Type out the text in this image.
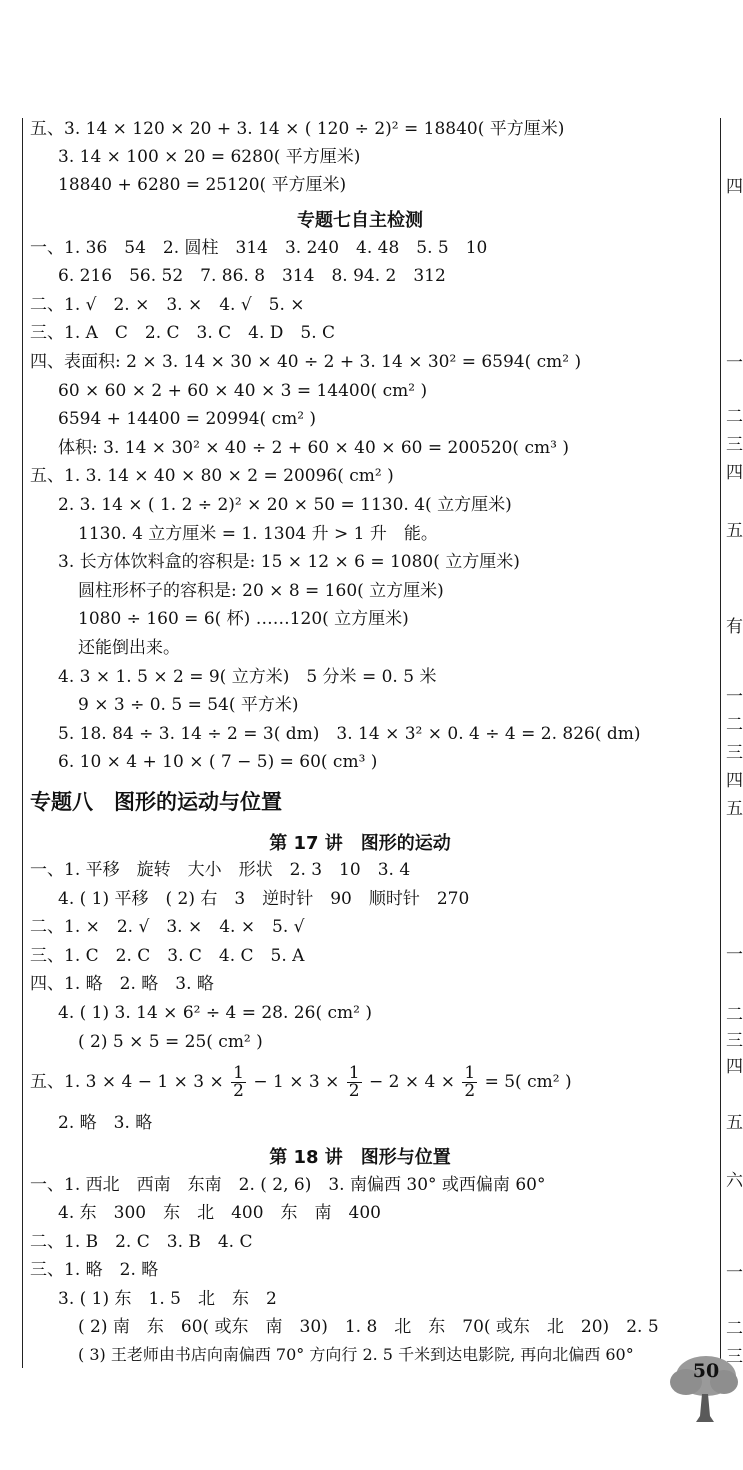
五、3. 14 × 120 × 20 + 3. 14 × ( 120 ÷ 2)² = 18840( 平方厘米)
3. 14 × 100 × 20 = 6280( 平方厘米)
18840 + 6280 = 25120( 平方厘米)
专题七自主检测
一、1. 36　54　2. 圆柱　314　3. 240　4. 48　5. 5　10
6. 216　56. 52　7. 86. 8　314　8. 94. 2　312
二、1. √　2. ×　3. ×　4. √　5. ×
三、1. A　C　2. C　3. C　4. D　5. C
四、表面积: 2 × 3. 14 × 30 × 40 ÷ 2 + 3. 14 × 30² = 6594( cm² )
60 × 60 × 2 + 60 × 40 × 3 = 14400( cm² )
6594 + 14400 = 20994( cm² )
体积: 3. 14 × 30² × 40 ÷ 2 + 60 × 40 × 60 = 200520( cm³ )
五、1. 3. 14 × 40 × 80 × 2 = 20096( cm² )
2. 3. 14 × ( 1. 2 ÷ 2)² × 20 × 50 = 1130. 4( 立方厘米)
1130. 4 立方厘米 = 1. 1304 升 > 1 升　能。
3. 长方体饮料盒的容积是: 15 × 12 × 6 = 1080( 立方厘米)
圆柱形杯子的容积是: 20 × 8 = 160( 立方厘米)
1080 ÷ 160 = 6( 杯) ……120( 立方厘米)
还能倒出来。
4. 3 × 1. 5 × 2 = 9( 立方米)　5 分米 = 0. 5 米
9 × 3 ÷ 0. 5 = 54( 平方米)
5. 18. 84 ÷ 3. 14 ÷ 2 = 3( dm)　3. 14 × 3² × 0. 4 ÷ 4 = 2. 826( dm)
6. 10 × 4 + 10 × ( 7 − 5) = 60( cm³ )
专题八　图形的运动与位置
第 17 讲　图形的运动
一、1. 平移　旋转　大小　形状　2. 3　10　3. 4
4. ( 1) 平移　( 2) 右　3　逆时针　90　顺时针　270
二、1. ×　2. √　3. ×　4. ×　5. √
三、1. C　2. C　3. C　4. C　5. A
四、1. 略　2. 略　3. 略
4. ( 1) 3. 14 × 6² ÷ 4 = 28. 26( cm² )
( 2) 5 × 5 = 25( cm² )
五、1. $3 \times 4 - 1 \times 3 \times \frac{1}{2} - 1 \times 3 \times \frac{1}{2} - 2 \times 4 \times \frac{1}{2} = 5$( cm² )
2. 略　3. 略
第 18 讲　图形与位置
一、1. 西北　西南　东南　2. ( 2, 6)　3. 南偏西 30° 或西偏南 60°
4. 东　300　东　北　400　东　南　400
二、1. B　2. C　3. B　4. C
三、1. 略　2. 略
3. ( 1) 东　1. 5　北　东　2
( 2) 南　东　60( 或东　南　30)　1. 8　北　东　70( 或东　北　20)　2. 5
( 3) 王老师由书店向南偏西 70° 方向行 2. 5 千米到达电影院, 再向北偏西 60°
四
一
二
三
四
五
有
一
二
三
四
五
一
二
三
四
五
六
一
二
三
50
